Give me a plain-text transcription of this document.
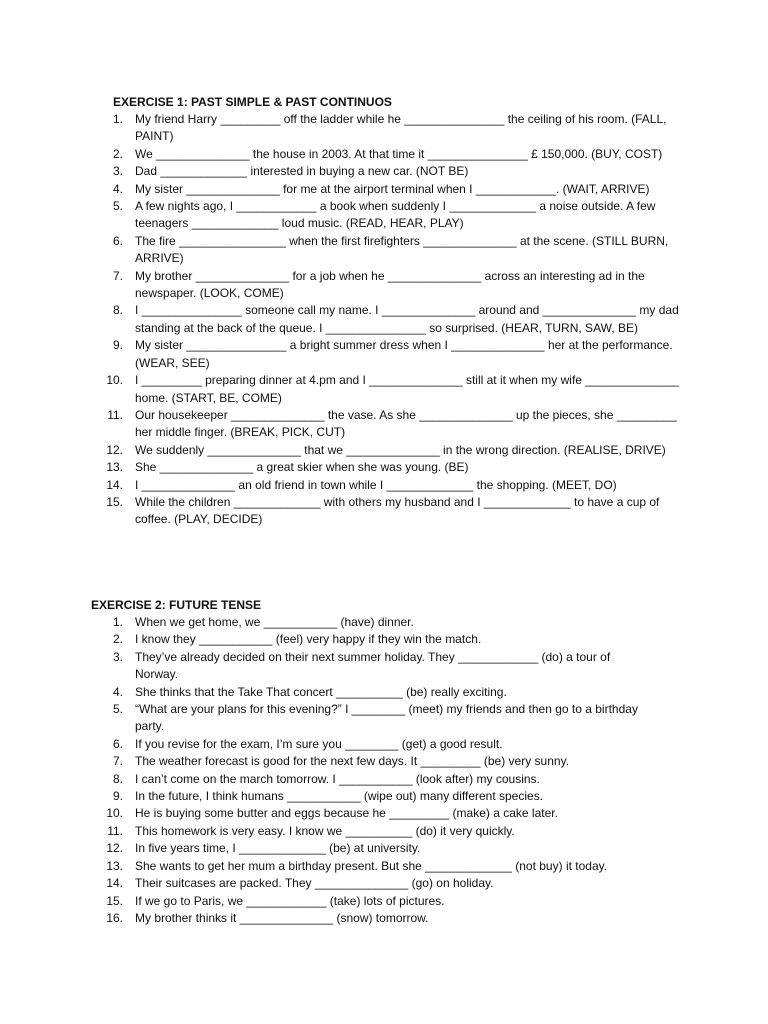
EXERCISE 1: PAST SIMPLE & PAST CONTINUOS
1. My friend Harry _________ off the ladder while he _______________ the ceiling of his room. (FALL, PAINT)
2. We ______________ the house in 2003. At that time it _______________ £ 150,000. (BUY, COST)
3. Dad _____________ interested in buying a new car. (NOT BE)
4. My sister ______________ for me at the airport terminal when I ____________. (WAIT, ARRIVE)
5. A few nights ago, I ____________ a book when suddenly I _____________ a noise outside. A few teenagers _____________ loud music. (READ, HEAR, PLAY)
6. The fire ________________ when the first firefighters ______________ at the scene. (STILL BURN, ARRIVE)
7. My brother ______________ for a job when he ______________ across an interesting ad in the newspaper. (LOOK, COME)
8. I _______________ someone call my name. I ______________ around and ______________ my dad standing at the back of the queue. I _______________ so surprised. (HEAR, TURN, SAW, BE)
9. My sister _______________ a bright summer dress when I ______________ her at the performance. (WEAR, SEE)
10. I _________ preparing dinner at 4.pm and I ______________ still at it when my wife ______________ home. (START, BE, COME)
11. Our housekeeper ______________ the vase. As she ______________ up the pieces, she _________ her middle finger. (BREAK, PICK, CUT)
12. We suddenly ______________ that we ______________ in the wrong direction. (REALISE, DRIVE)
13. She ______________ a great skier when she was young. (BE)
14. I ______________ an old friend in town while I _____________ the shopping. (MEET, DO)
15. While the children _____________ with others my husband and I _____________ to have a cup of coffee. (PLAY, DECIDE)
EXERCISE 2: FUTURE TENSE
1. When we get home, we ___________ (have) dinner.
2. I know they ___________ (feel) very happy if they win the match.
3. They’ve already decided on their next summer holiday. They ____________ (do) a tour of Norway.
4. She thinks that the Take That concert __________ (be) really exciting.
5. “What are your plans for this evening?” I ________ (meet) my friends and then go to a birthday party.
6. If you revise for the exam, I’m sure you ________ (get) a good result.
7. The weather forecast is good for the next few days. It _________ (be) very sunny.
8. I can’t come on the march tomorrow. I ___________ (look after) my cousins.
9. In the future, I think humans ___________ (wipe out) many different species.
10. He is buying some butter and eggs because he _________ (make) a cake later.
11. This homework is very easy. I know we __________ (do) it very quickly.
12. In five years time, I _____________ (be) at university.
13. She wants to get her mum a birthday present. But she _____________ (not buy) it today.
14. Their suitcases are packed. They ______________ (go) on holiday.
15. If we go to Paris, we ____________ (take) lots of pictures.
16. My brother thinks it ______________ (snow) tomorrow.
